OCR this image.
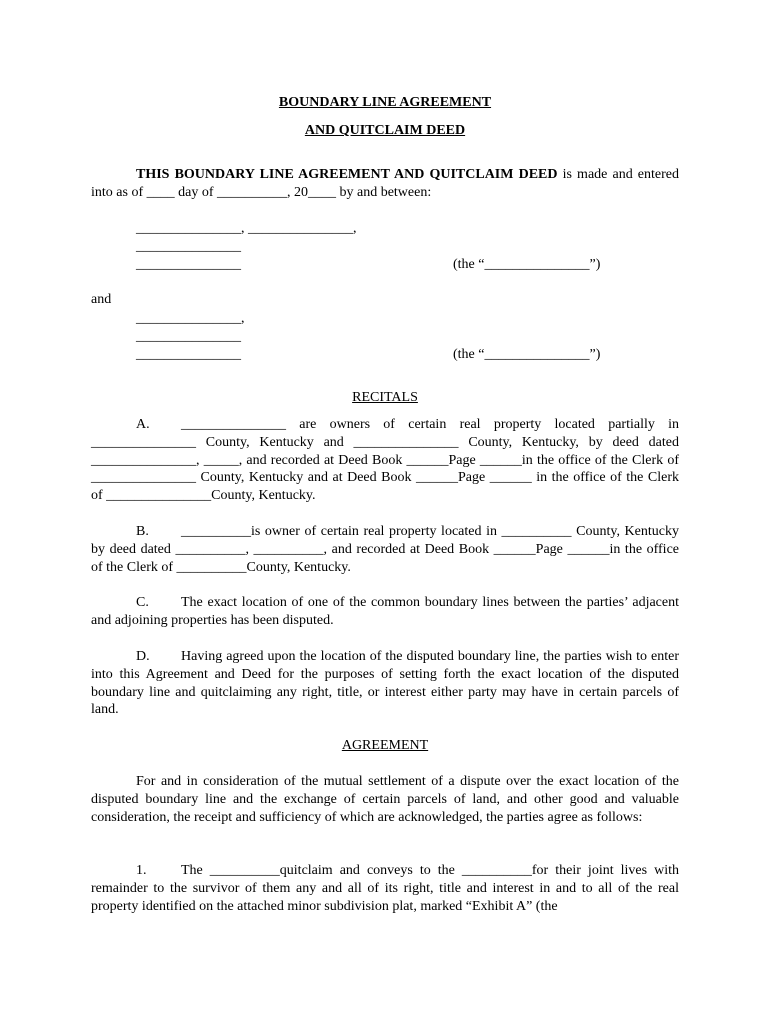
BOUNDARY LINE AGREEMENT
AND QUITCLAIM DEED
THIS BOUNDARY LINE AGREEMENT AND QUITCLAIM DEED is made and entered into as of ____ day of __________, 20____ by and between:
_______________, _______________,
_______________
_______________	(the “_______________”)
and
_______________,
_______________
_______________	(the “_______________”)
RECITALS
A. _______________ are owners of certain real property located partially in _______________ County, Kentucky and _______________ County, Kentucky, by deed dated _______________, _____, and recorded at Deed Book ______Page ______in the office of the Clerk of _______________ County, Kentucky and at Deed Book ______Page ______ in the office of the Clerk of _______________County, Kentucky.
B. __________is owner of certain real property located in __________ County, Kentucky by deed dated __________, __________, and recorded at Deed Book ______Page ______in the office of the Clerk of __________County, Kentucky.
C. The exact location of one of the common boundary lines between the parties’ adjacent and adjoining properties has been disputed.
D. Having agreed upon the location of the disputed boundary line, the parties wish to enter into this Agreement and Deed for the purposes of setting forth the exact location of the disputed boundary line and quitclaiming any right, title, or interest either party may have in certain parcels of land.
AGREEMENT
For and in consideration of the mutual settlement of a dispute over the exact location of the disputed boundary line and the exchange of certain parcels of land, and other good and valuable consideration, the receipt and sufficiency of which are acknowledged, the parties agree as follows:
1. The __________quitclaim and conveys to the __________for their joint lives with remainder to the survivor of them any and all of its right, title and interest in and to all of the real property identified on the attached minor subdivision plat, marked “Exhibit A” (the
